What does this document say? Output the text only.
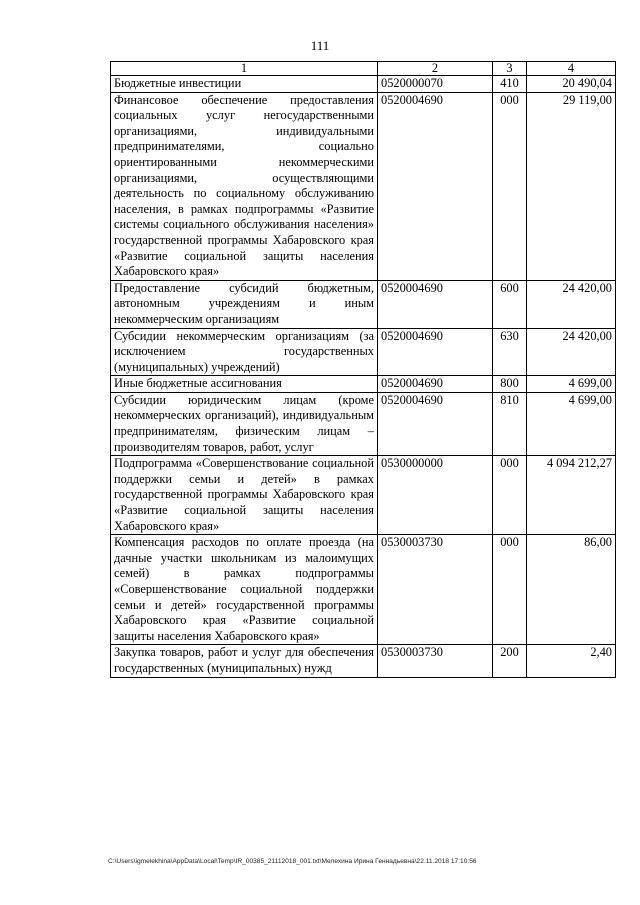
111
1	2	3	4
Бюджетные инвестиции	0520000070	410	20 490,04
Финансовое обеспечение предоставления социальных услуг негосударственными организациями, индивидуальными предпринимателями, социально ориентированными некоммерческими организациями, осуществляющими деятельность по социальному обслуживанию населения, в рамках подпрограммы «Развитие системы социального обслуживания населения» государственной программы Хабаровского края «Развитие социальной защиты населения Хабаровского края»	0520004690	000	29 119,00
Предоставление субсидий бюджетным, автономным учреждениям и иным некоммерческим организациям	0520004690	600	24 420,00
Субсидии некоммерческим организациям (за исключением государственных (муниципальных) учреждений)	0520004690	630	24 420,00
Иные бюджетные ассигнования	0520004690	800	4 699,00
Субсидии юридическим лицам (кроме некоммерческих организаций), индивидуальным предпринимателям, физическим лицам – производителям товаров, работ, услуг	0520004690	810	4 699,00
Подпрограмма «Совершенствование социальной поддержки семьи и детей» в рамках государственной программы Хабаровского края «Развитие социальной защиты населения Хабаровского края»	0530000000	000	4 094 212,27
Компенсация расходов по оплате проезда (на дачные участки школьникам из малоимущих семей) в рамках подпрограммы «Совершенствование социальной поддержки семьи и детей» государственной программы Хабаровского края «Развитие социальной защиты населения Хабаровского края»	0530003730	000	86,00
Закупка товаров, работ и услуг для обеспечения государственных (муниципальных) нужд	0530003730	200	2,40
C:\Users\igmelekhina\AppData\Local\Temp\IR_00385_21112018_001.txt\Мелехина Ирина Геннадьевна\22.11.2018 17:10:56
